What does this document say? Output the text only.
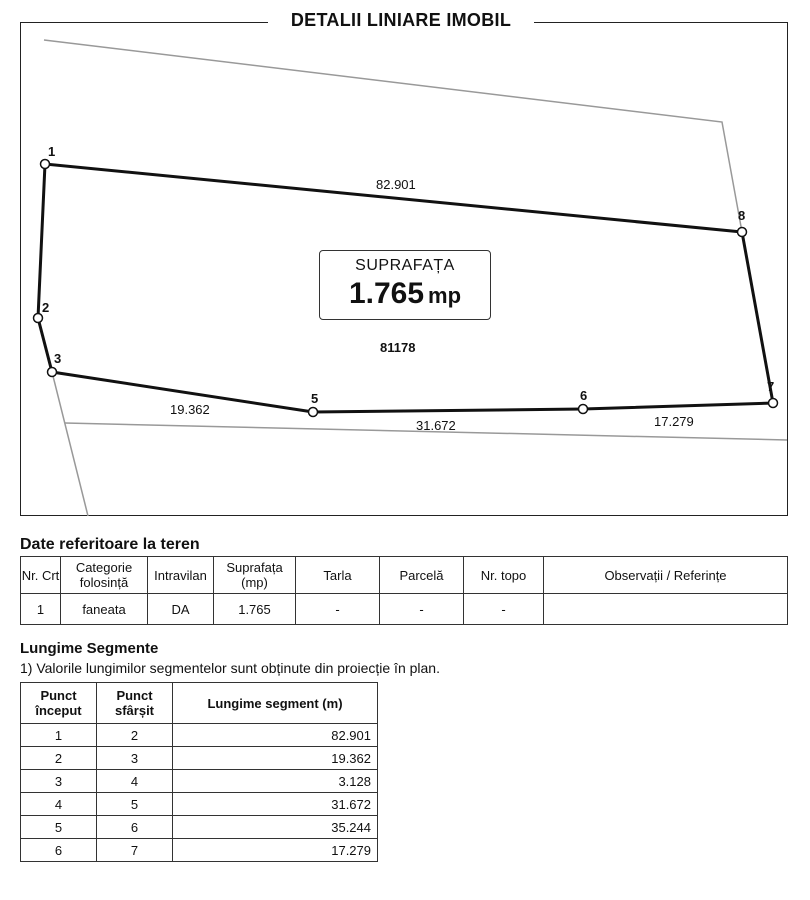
1
2
3
5	6
7
8
82.901
19.362
31.672	17.279
DETALII LINIARE IMOBIL
SUPRAFAȚA
1.765 mp
81178
Date referitoare la teren
Nr. Crt	Categorie folosință	Intravilan	Suprafața (mp)	Tarla	Parcelă	Nr. topo	Observații / Referințe
1	faneata	DA	1.765	-	-	-	
Lungime Segmente
1) Valorile lungimilor segmentelor sunt obținute din proiecție în plan.
Punct început	Punct sfârșit	Lungime segment (m)
1	2	82.901
2	3	19.362
3	4	3.128
4	5	31.672
5	6	35.244
6	7	17.279
